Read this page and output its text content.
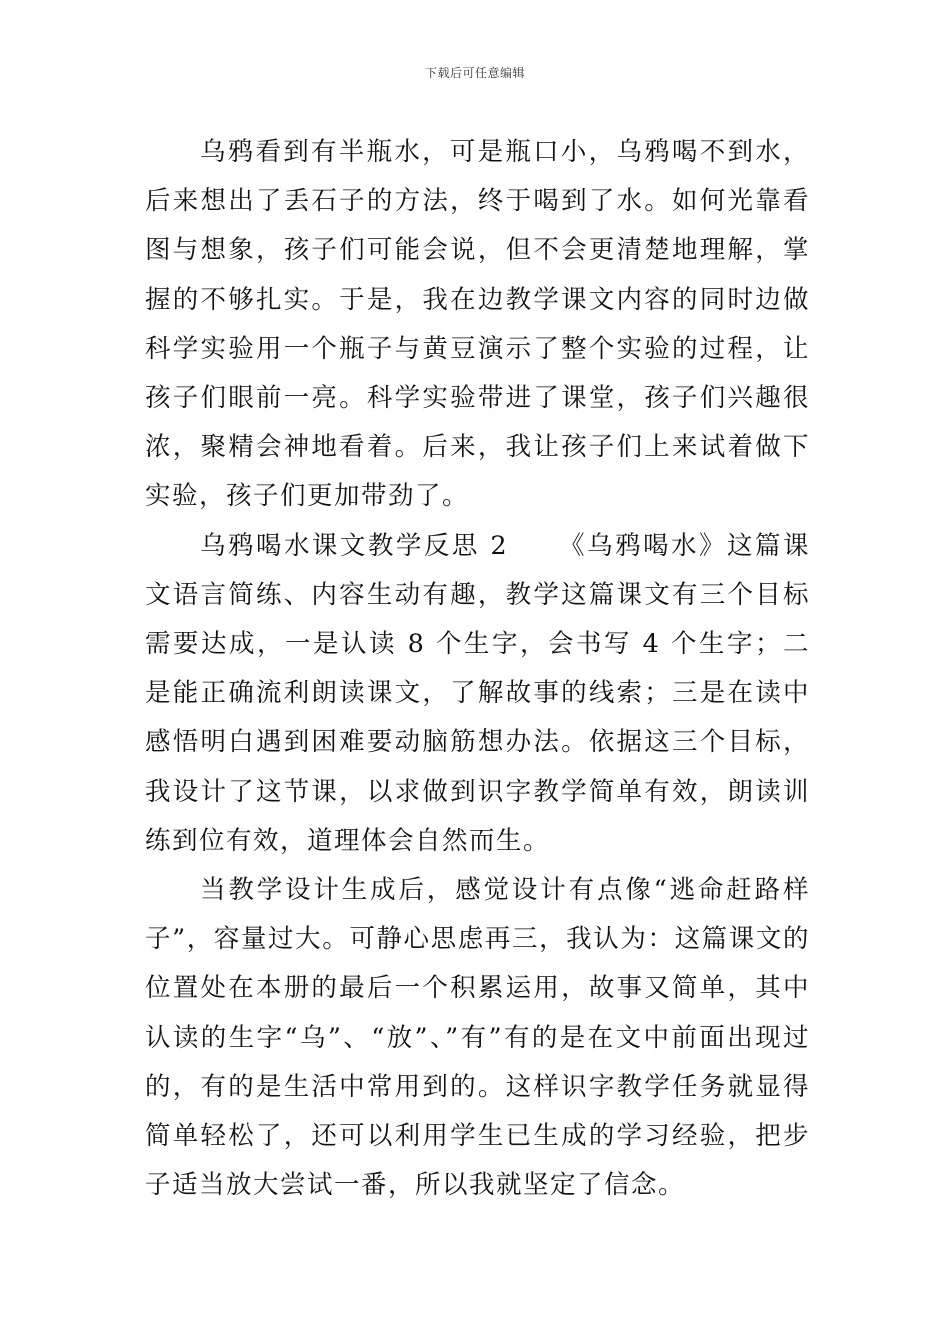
下载后可任意编辑

乌鸦看到有半瓶水，可是瓶口小，乌鸦喝不到水，后来想出了丢石子的方法，终于喝到了水。如何光靠看图与想象，孩子们可能会说，但不会更清楚地理解，掌握的不够扎实。于是，我在边教学课文内容的同时边做科学实验用一个瓶子与黄豆演示了整个实验的过程，让孩子们眼前一亮。科学实验带进了课堂，孩子们兴趣很浓，聚精会神地看着。后来，我让孩子们上来试着做下实验，孩子们更加带劲了。

乌鸦喝水课文教学反思 2 《乌鸦喝水》这篇课文语言简练、内容生动有趣，教学这篇课文有三个目标需要达成，一是认读 8 个生字，会书写 4 个生字；二是能正确流利朗读课文，了解故事的线索；三是在读中感悟明白遇到困难要动脑筋想办法。依据这三个目标，我设计了这节课，以求做到识字教学简单有效，朗读训练到位有效，道理体会自然而生。

当教学设计生成后，感觉设计有点像“逃命赶路样子”，容量过大。可静心思虑再三，我认为：这篇课文的位置处在本册的最后一个积累运用，故事又简单，其中认读的生字“乌”、“放”、”有”有的是在文中前面出现过的，有的是生活中常用到的。这样识字教学任务就显得简单轻松了，还可以利用学生已生成的学习经验，把步子适当放大尝试一番，所以我就坚定了信念。
